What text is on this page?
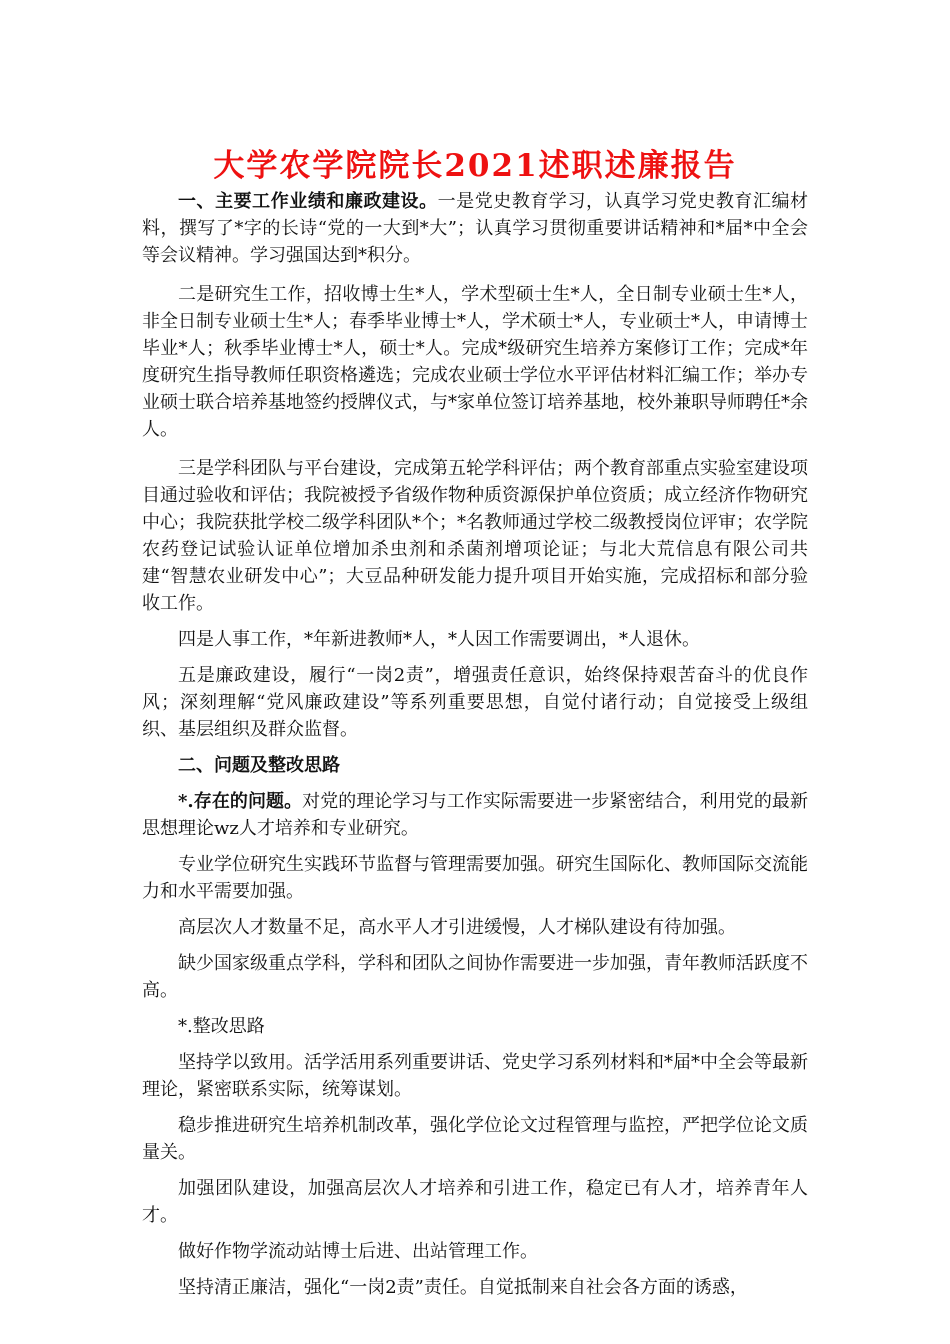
大学农学院院长2021述职述廉报告

一、主要工作业绩和廉政建设。一是党史教育学习，认真学习党史教育汇编材料，撰写了*字的长诗“党的一大到*大”；认真学习贯彻重要讲话精神和*届*中全会等会议精神。学习强国达到*积分。

二是研究生工作，招收博士生*人，学术型硕士生*人，全日制专业硕士生*人，非全日制专业硕士生*人；春季毕业博士*人，学术硕士*人，专业硕士*人，申请博士毕业*人；秋季毕业博士*人，硕士*人。完成*级研究生培养方案修订工作；完成*年度研究生指导教师任职资格遴选；完成农业硕士学位水平评估材料汇编工作；举办专业硕士联合培养基地签约授牌仪式，与*家单位签订培养基地，校外兼职导师聘任*余人。

三是学科团队与平台建设，完成第五轮学科评估；两个教育部重点实验室建设项目通过验收和评估；我院被授予省级作物种质资源保护单位资质；成立经济作物研究中心；我院获批学校二级学科团队*个；*名教师通过学校二级教授岗位评审；农学院农药登记试验认证单位增加杀虫剂和杀菌剂增项论证；与北大荒信息有限公司共建“智慧农业研发中心”；大豆品种研发能力提升项目开始实施，完成招标和部分验收工作。

四是人事工作，*年新进教师*人，*人因工作需要调出，*人退休。

五是廉政建设，履行“一岗2责”，增强责任意识，始终保持艰苦奋斗的优良作风；深刻理解“党风廉政建设”等系列重要思想，自觉付诸行动；自觉接受上级组织、基层组织及群众监督。

二、问题及整改思路

*.存在的问题。对党的理论学习与工作实际需要进一步紧密结合，利用党的最新思想理论wz人才培养和专业研究。

专业学位研究生实践环节监督与管理需要加强。研究生国际化、教师国际交流能力和水平需要加强。

高层次人才数量不足，高水平人才引进缓慢，人才梯队建设有待加强。

缺少国家级重点学科，学科和团队之间协作需要进一步加强，青年教师活跃度不高。

*.整改思路

坚持学以致用。活学活用系列重要讲话、党史学习系列材料和*届*中全会等最新理论，紧密联系实际，统筹谋划。

稳步推进研究生培养机制改革，强化学位论文过程管理与监控，严把学位论文质量关。

加强团队建设，加强高层次人才培养和引进工作，稳定已有人才，培养青年人才。

做好作物学流动站博士后进、出站管理工作。

坚持清正廉洁，强化“一岗2责”责任。自觉抵制来自社会各方面的诱惑，
